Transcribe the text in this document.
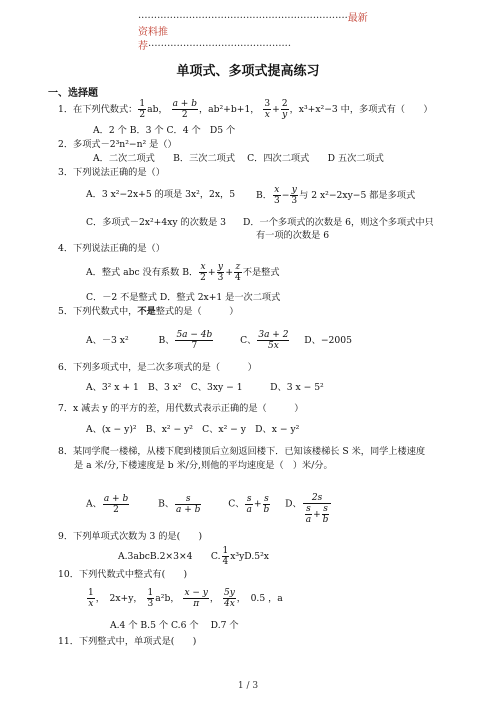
··································································最新资料推
荐·············································
单项式、多项式提高练习
一、选择题
1．在下列代数式： $\frac{1}{2}$ ab， $\frac{a + b}{2}$ ，ab²+b+1， $\frac{3}{x} + \frac{2}{y}$ ，x³+x²−3 中，多项式有（　　）
A．2 个 B．3 个 C．4 个　D5 个
2．多项式－2³n²−n² 是（）
A．二次二项式　　B．三次二项式　 C．四次二项式　　D 五次二项式
3．下列说法正确的是（）
A．3 x²−2x+5 的项是 3x²，2x，5 B． $\frac{x}{3} - \frac{y}{3}$ 与 2 x²−2xy−5 都是多项式
C．多项式－2x²+4xy 的次数是 3 D．一个多项式的次数是 6，则这个多项式中只
有一项的次数是 6
4．下列说法正确的是（）
A．整式 abc 没有系数 B． $\frac{x}{2} + \frac{y}{3} + \frac{z}{4}$ 不是整式
C．－2 不是整式 D．整式 2x+1 是一次二项式
5．下列代数式中，不是整式的是（　　　）
A、－3 x²	B、 $\frac{5a - 4b}{7}$	C、 $\frac{3a + 2}{5x}$ D、−2005
6．下列多项式中，是二次多项式的是（　　　）
A、3² x + 1　B、3 x²　C、3xy − 1　　　D、3 x − 5²
7．x 减去 y 的平方的差，用代数式表示正确的是（　　　）
A、(x − y)²　B、x² − y²　C、x² − y　D、x − y²
8．某同学爬一楼梯，从楼下爬到楼顶后立刻返回楼下．已知该楼梯长 S 米，同学上楼速度
是 a 米/分,下楼速度是 b 米/分,则他的平均速度是（　）米/分。
A、 $\frac{a + b}{2}$	B、 $\frac{s}{a + b}$	C、 $\frac{s}{a} + \frac{s}{b}$ D、 $\frac{2s}{\frac{s}{a} + \frac{s}{b}}$
9．下列单项式次数为 3 的是(　　)
A.3abcB.2×3×4　　C. $\frac{1}{4} x^3yD.5^2x$
10．下列代数式中整式有(　　)
$\frac{1}{x}$ ，　2x+y， $\frac{1}{3} a^2b$， $\frac{x - y}{\pi}$ ， $\frac{5y}{4x}$ ，　0.5 ，a
A.4 个 B.5 个 C.6 个　 D.7 个
11．下列整式中，单项式是(　　)
1 / 3
